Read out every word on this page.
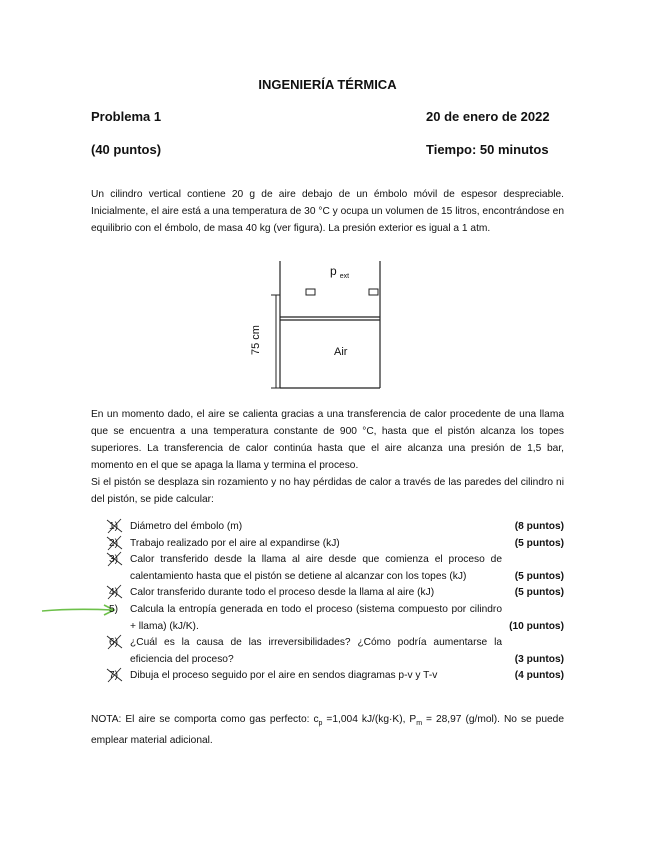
INGENIERÍA TÉRMICA
Problema 1	20 de enero de 2022
(40 puntos)	Tiempo: 50 minutos
Un cilindro vertical contiene 20 g de aire debajo de un émbolo móvil de espesor despreciable. Inicialmente, el aire está a una temperatura de 30 °C y ocupa un volumen de 15 litros, encontrándose en equilibrio con el émbolo, de masa 40 kg (ver figura). La presión exterior es igual a 1 atm.
p $_{ext}$
Air
75 cm

En un momento dado, el aire se calienta gracias a una transferencia de calor procedente de una llama que se encuentra a una temperatura constante de 900 °C, hasta que el pistón alcanza los topes superiores. La transferencia de calor continúa hasta que el aire alcanza una presión de 1,5 bar, momento en el que se apaga la llama y termina el proceso.

Si el pistón se desplaza sin rozamiento y no hay pérdidas de calor a través de las paredes del cilindro ni del pistón, se pide calcular:

1) Diámetro del émbolo (m)	(8 puntos)
2) Trabajo realizado por el aire al expandirse (kJ)	(5 puntos)
3) Calor transferido desde la llama al aire desde que comienza el proceso de calentamiento hasta que el pistón se detiene al alcanzar con los topes (kJ)	(5 puntos)
4) Calor transferido durante todo el proceso desde la llama al aire (kJ)	(5 puntos)
5) Calcula la entropía generada en todo el proceso (sistema compuesto por cilindro + llama) (kJ/K).	(10 puntos)
6) ¿Cuál es la causa de las irreversibilidades? ¿Cómo podría aumentarse la eficiencia del proceso?	(3 puntos)
7) Dibuja el proceso seguido por el aire en sendos diagramas p-v y T-v	(4 puntos)
NOTA: El aire se comporta como gas perfecto: $c_p =1,004$ kJ/(kg·K), $P_m = 28,97$ (g/mol). No se puede emplear material adicional.
